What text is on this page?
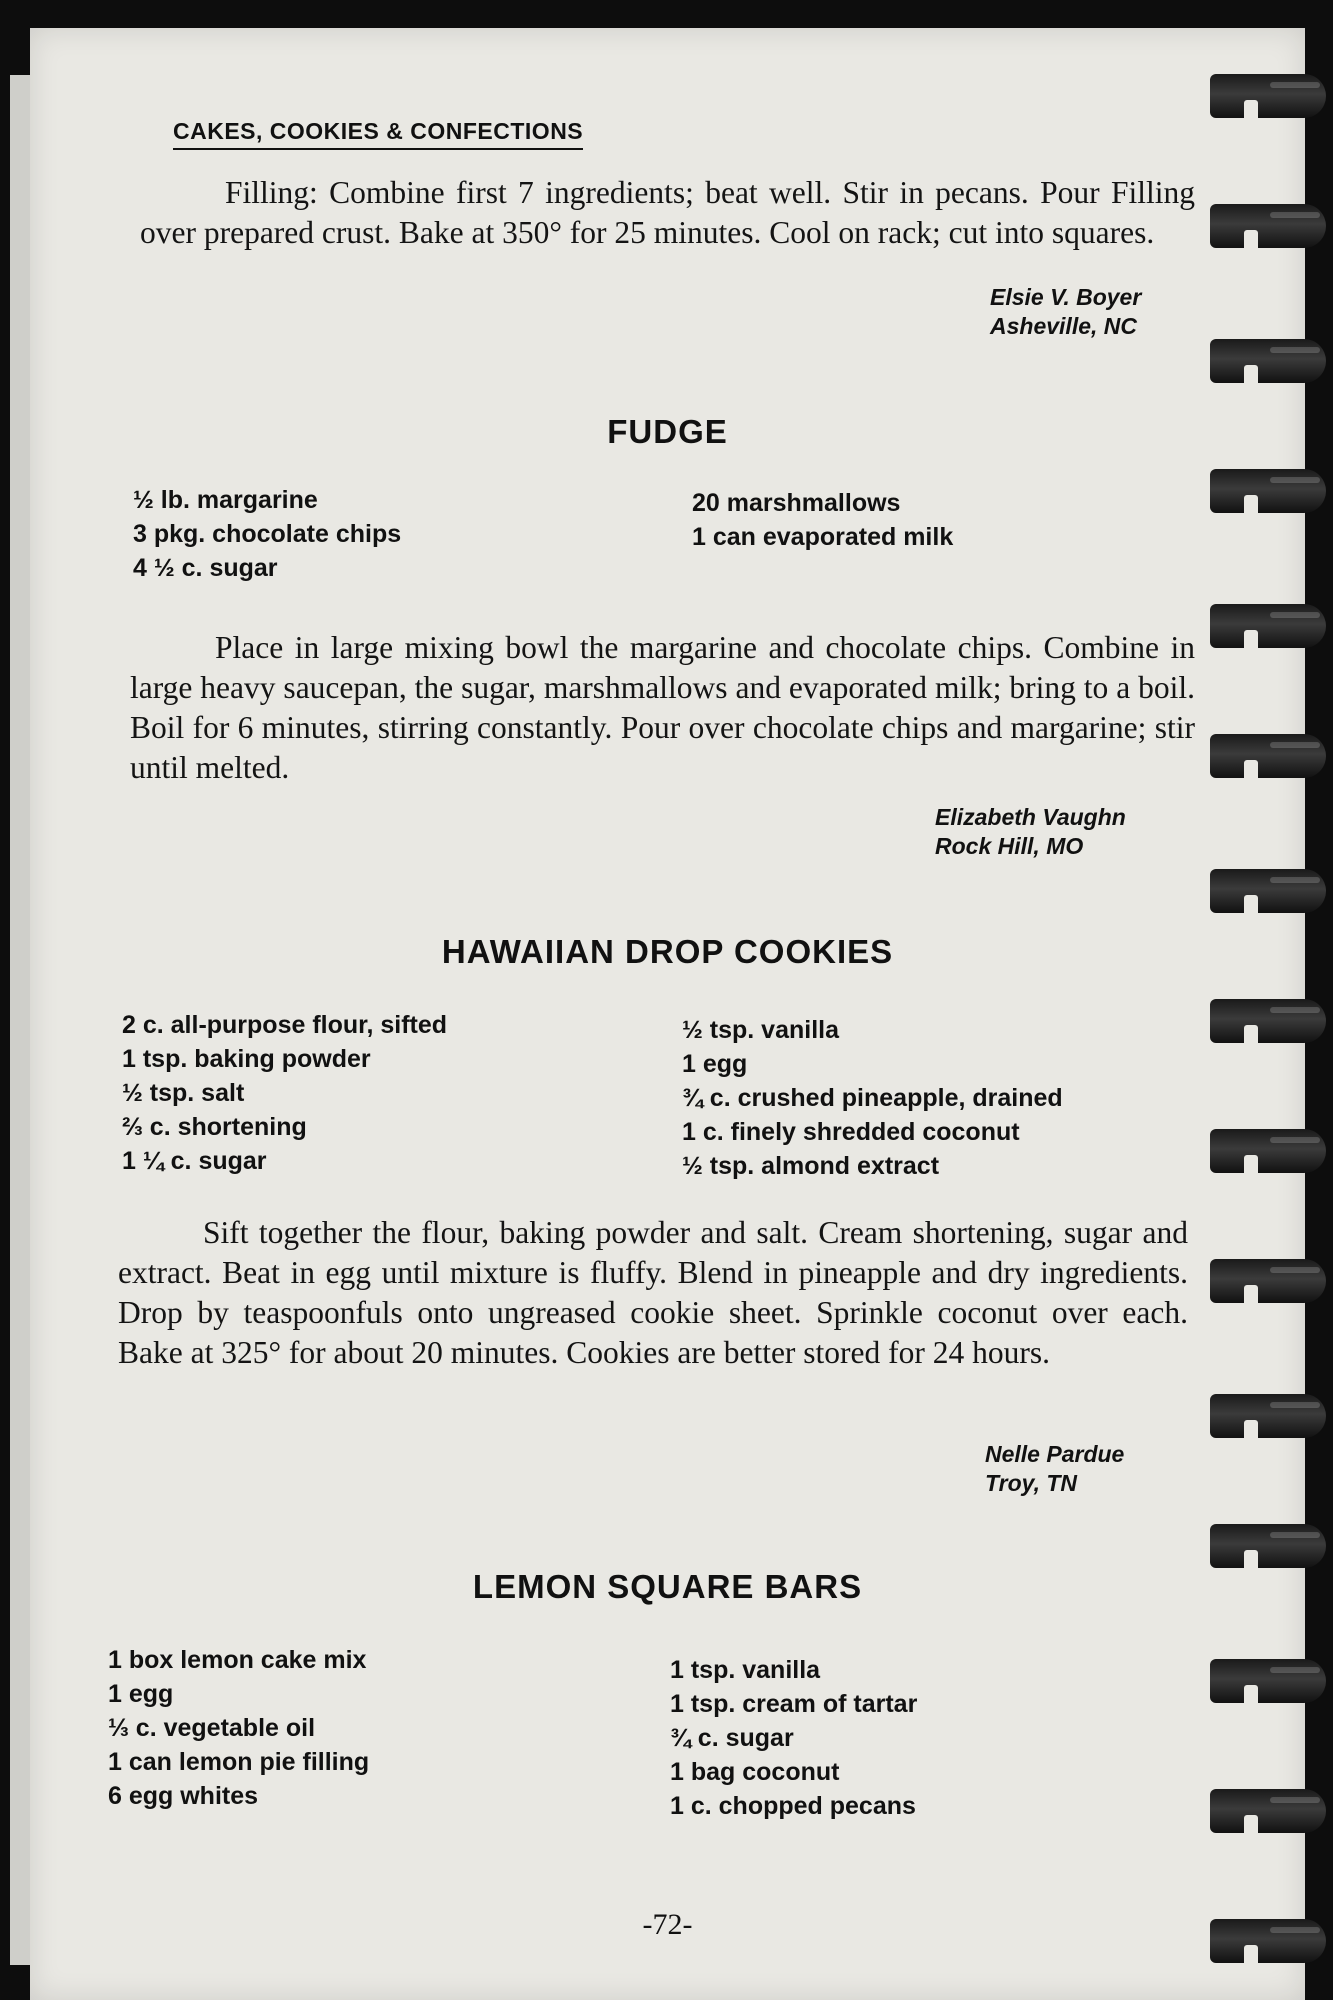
CAKES, COOKIES & CONFECTIONS

Filling: Combine first 7 ingredients; beat well. Stir in pecans. Pour Filling over prepared crust. Bake at 350° for 25 minutes. Cool on rack; cut into squares.

Elsie V. Boyer
Asheville, NC
FUDGE
½ lb. margarine
3 pkg. chocolate chips
4 ½ c. sugar
20 marshmallows
1 can evaporated milk

Place in large mixing bowl the margarine and chocolate chips. Combine in large heavy saucepan, the sugar, marshmallows and evaporated milk; bring to a boil. Boil for 6 minutes, stirring constantly. Pour over chocolate chips and margarine; stir until melted.

Elizabeth Vaughn
Rock Hill, MO
HAWAIIAN DROP COOKIES
2 c. all-purpose flour, sifted
1 tsp. baking powder
½ tsp. salt
⅔ c. shortening
1 ¼ c. sugar
½ tsp. vanilla
1 egg
¾ c. crushed pineapple, drained
1 c. finely shredded coconut
½ tsp. almond extract

Sift together the flour, baking powder and salt. Cream shortening, sugar and extract. Beat in egg until mixture is fluffy. Blend in pineapple and dry ingredients. Drop by teaspoonfuls onto ungreased cookie sheet. Sprinkle coconut over each. Bake at 325° for about 20 minutes. Cookies are better stored for 24 hours.

Nelle Pardue
Troy, TN
LEMON SQUARE BARS
1 box lemon cake mix
1 egg
⅓ c. vegetable oil
1 can lemon pie filling
6 egg whites
1 tsp. vanilla
1 tsp. cream of tartar
¾ c. sugar
1 bag coconut
1 c. chopped pecans
-72-
